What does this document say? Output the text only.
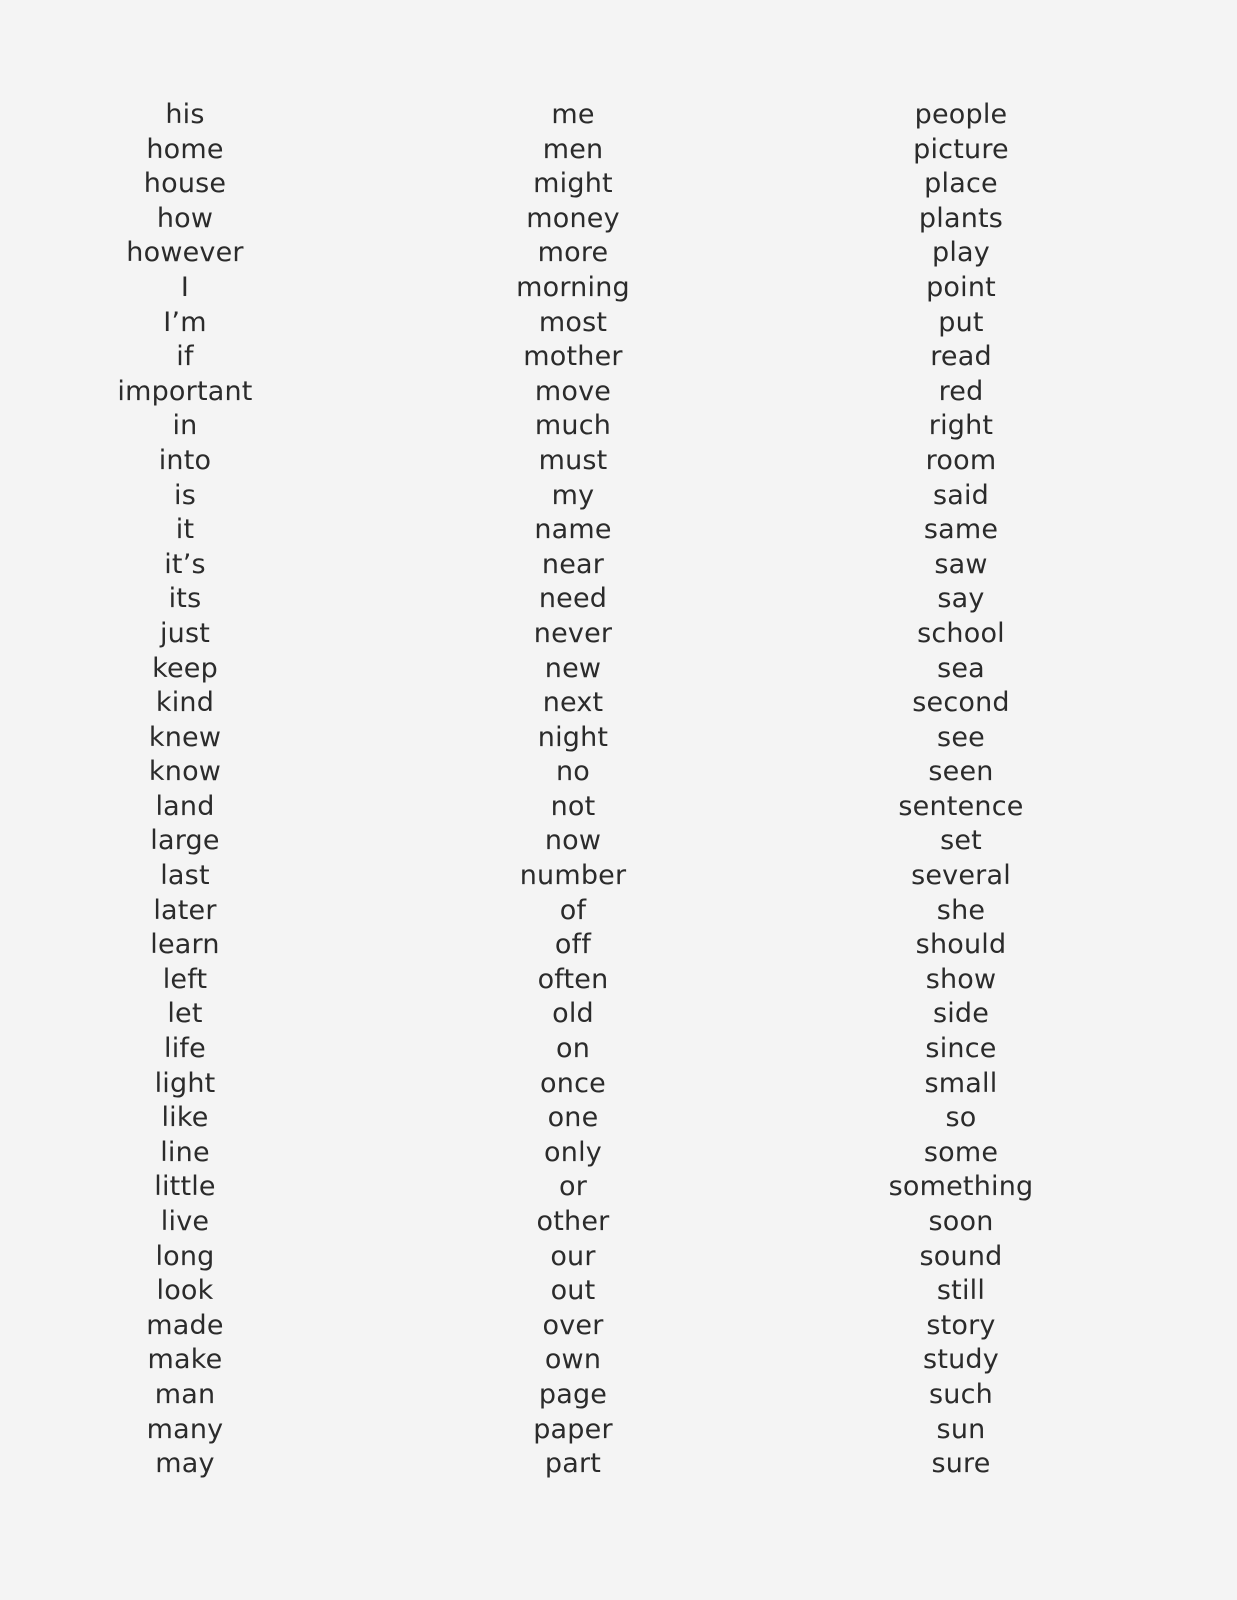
his
home
house
how
however
I
I’m
if
important
in
into
is
it
it’s
its
just
keep
kind
knew
know
land
large
last
later
learn
left
let
life
light
like
line
little
live
long
look
made
make
man
many
may
me
men
might
money
more
morning
most
mother
move
much
must
my
name
near
need
never
new
next
night
no
not
now
number
of
off
often
old
on
once
one
only
or
other
our
out
over
own
page
paper
part
people
picture
place
plants
play
point
put
read
red
right
room
said
same
saw
say
school
sea
second
see
seen
sentence
set
several
she
should
show
side
since
small
so
some
something
soon
sound
still
story
study
such
sun
sure
